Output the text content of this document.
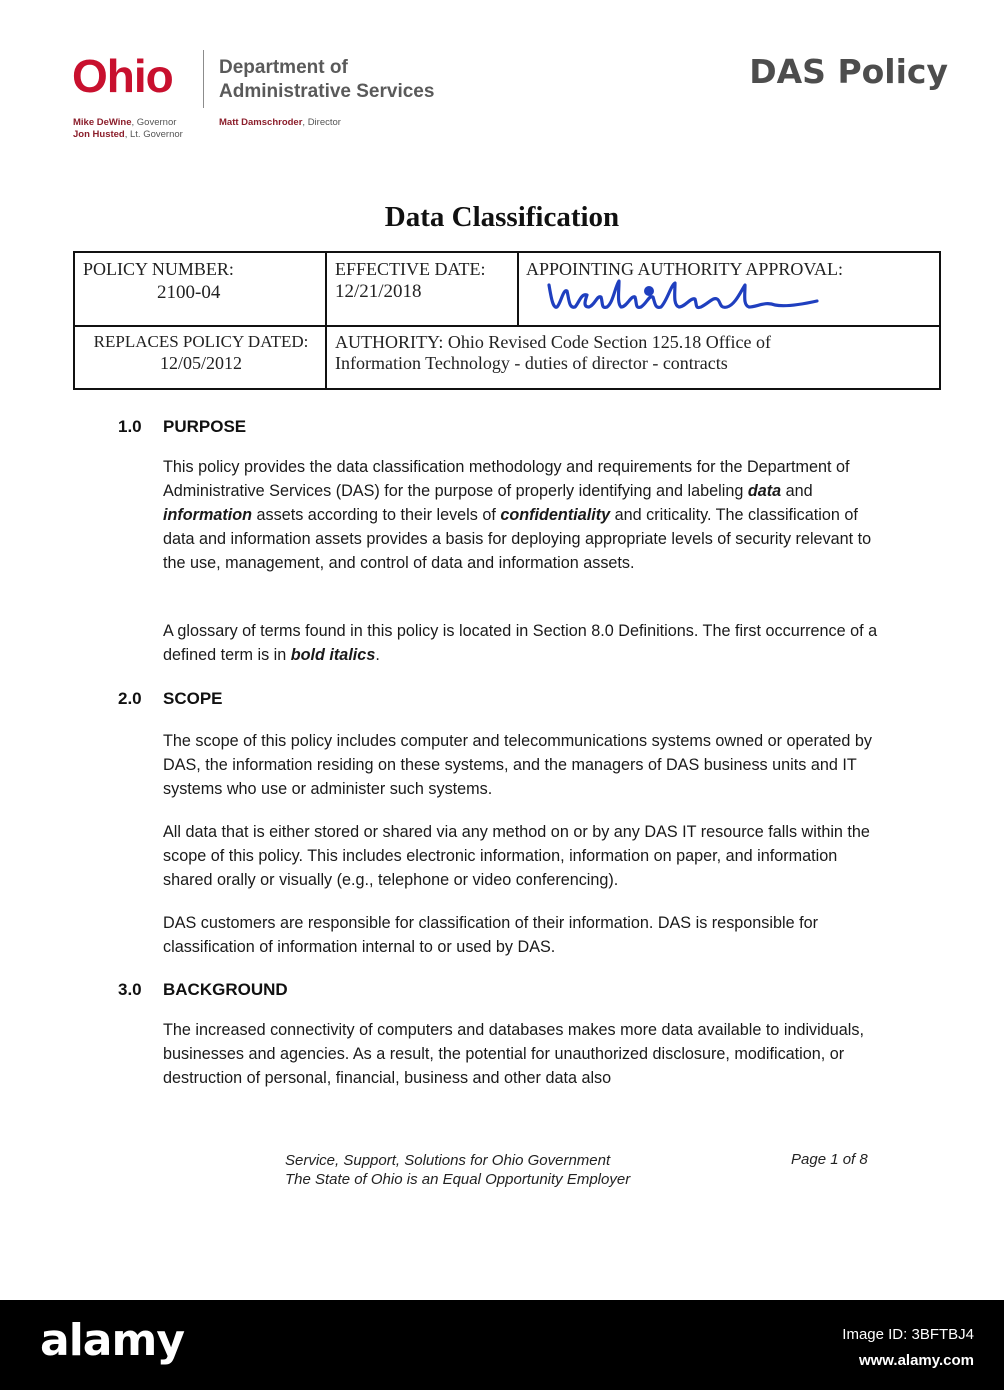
Ohio Department of
Administrative Services
Mike DeWine, Governor
Jon Husted, Lt. Governor
Matt Damschroder, Director
DAS Policy
Data Classification
POLICY NUMBER:
2100-04
EFFECTIVE DATE:
12/21/2018
APPOINTING AUTHORITY APPROVAL:
REPLACES POLICY DATED:
12/05/2012
AUTHORITY: Ohio Revised Code Section 125.18 Office of
Information Technology - duties of director - contracts
1.0 PURPOSE

This policy provides the data classification methodology and requirements for the Department of Administrative Services (DAS) for the purpose of properly identifying and labeling data and information assets according to their levels of confidentiality and criticality. The classification of data and information assets provides a basis for deploying appropriate levels of security relevant to the use, management, and control of data and information assets.

A glossary of terms found in this policy is located in Section 8.0 Definitions. The first occurrence of a defined term is in bold italics.

2.0 SCOPE

The scope of this policy includes computer and telecommunications systems owned or operated by DAS, the information residing on these systems, and the managers of DAS business units and IT systems who use or administer such systems.

All data that is either stored or shared via any method on or by any DAS IT resource falls within the scope of this policy. This includes electronic information, information on paper, and information shared orally or visually (e.g., telephone or video conferencing).

DAS customers are responsible for classification of their information. DAS is responsible for classification of information internal to or used by DAS.

3.0 BACKGROUND

The increased connectivity of computers and databases makes more data available to individuals, businesses and agencies. As a result, the potential for unauthorized disclosure, modification, or destruction of personal, financial, business and other data also

Service, Support, Solutions for Ohio Government
The State of Ohio is an Equal Opportunity Employer
Page 1 of 8
alamy	Image ID: 3BFTBJ4
www.alamy.com
